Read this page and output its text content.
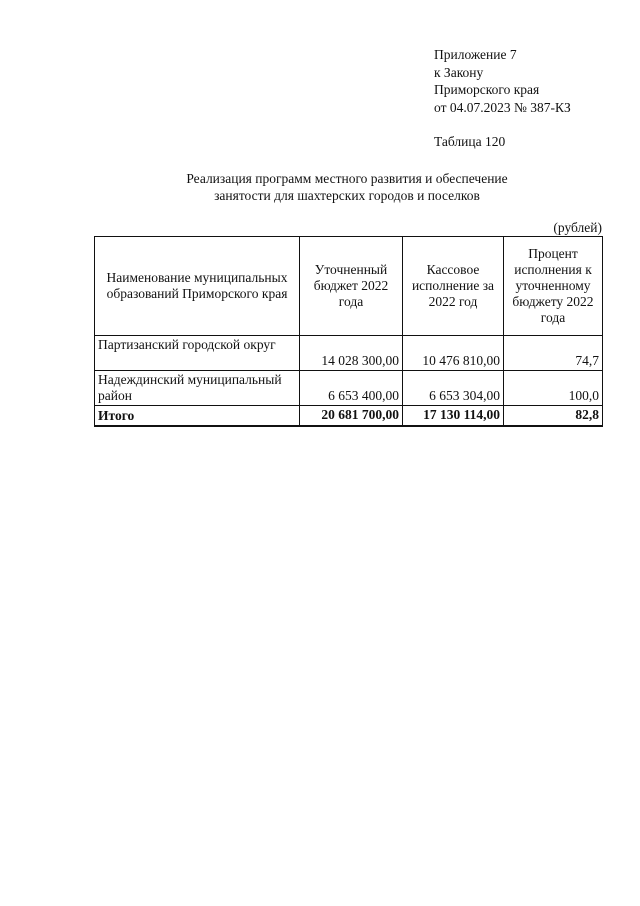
Приложение 7
к Закону
Приморского края
от 04.07.2023 № 387-КЗ
Таблица 120
Реализация программ местного развития и обеспечение
занятости для шахтерских городов и поселков
(рублей)
Наименование муниципальных образований Приморского края	Уточненный бюджет 2022 года	Кассовое исполнение за 2022 год	Процент исполнения к уточненному бюджету 2022 года
Партизанский городской округ	14 028 300,00	10 476 810,00	74,7
Надеждинский муниципальный район	6 653 400,00	6 653 304,00	100,0
Итого	20 681 700,00	17 130 114,00	82,8
